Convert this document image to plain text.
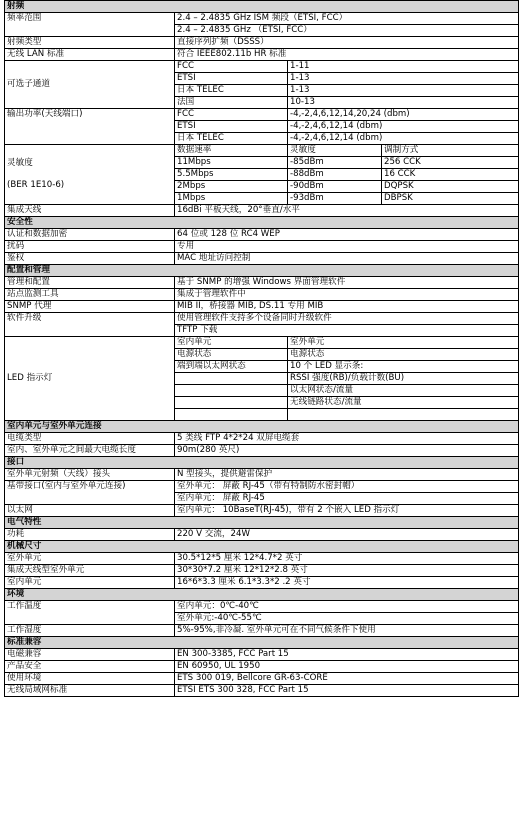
射频			
频率范围	2.4 – 2.4835 GHz ISM 频段（ETSI, FCC）		
	2.4 – 2.4835 GHz （ETSI, FCC）		
射频类型	直接序列扩频（DSSS）		
无线 LAN 标准	符合 IEEE802.11b HR 标准		
可选子通道	FCC	1-11	
	ETSI	1-13	
	日本 TELEC	1-13	
	法国	10-13	
输出功率(天线端口)	FCC	-4,-2,4,6,12,14,20,24 (dbm)	
	ETSI	-4,-2,4,6,12,14 (dbm)	
	日本 TELEC	-4,-2,4,6,12,14 (dbm)	
灵敏度

(BER 1E10-6)	数据速率	灵敏度	调制方式
	11Mbps	-85dBm	256 CCK
	5.5Mbps	-88dBm	16 CCK
	2Mbps	-90dBm	DQPSK
	1Mbps	-93dBm	DBPSK
集成天线	16dBi 平板天线，20°垂直/水平		
安全性			
认证和数据加密	64 位或 128 位 RC4 WEP		
扰码	专用		
鉴权	MAC 地址访问控制		
配置和管理			
管理和配置	基于 SNMP 的增强 Windows 界面管理软件		
站点监测工具	集成于管理软件中		
SNMP 代理	MIB II，桥接器 MIB, DS.11 专用 MIB		
软件升级	使用管理软件支持多个设备同时升级软件		
	TFTP 下载		
LED 指示灯	室内单元	室外单元	
	电源状态	电源状态	
	端到端以太网状态	10 个 LED 显示条:	
		RSSI 强度(RB)/负载计数(BU)	
		以太网状态/流量	
		无线链路状态/流量	

室内单元与室外单元连接			
电缆类型	5 类线 FTP 4*2*24 双屏电缆套		
室内、室外单元之间最大电缆长度	90m(280 英尺)		
接口			
室外单元射频（天线）接头	N 型接头，提供避雷保护		
基带接口(室内与室外单元连接)	室外单元： 屏蔽 RJ-45（带有特制防水密封帽）		
	室内单元： 屏蔽 RJ-45		
以太网	室内单元： 10BaseT(RJ-45)，带有 2 个嵌入 LED 指示灯		
电气特性			
功耗	220 V 交流，24W		
机械尺寸			
室外单元	30.5*12*5 厘米 12*4.7*2 英寸		
集成天线型室外单元	30*30*7.2 厘米 12*12*2.8 英寸		
室内单元	16*6*3.3 厘米 6.1*3.3*2 .2 英寸		
环境			
工作温度	室内单元：0℃-40℃		
	室外单元:-40℃-55℃		
工作湿度	5%-95%,非冷凝. 室外单元可在不同气候条件下使用		
标准兼容			
电磁兼容	EN 300-3385, FCC Part 15		
产品安全	EN 60950, UL 1950		
使用环境	ETS 300 019, Bellcore GR-63-CORE		
无线局域网标准	ETSI ETS 300 328, FCC Part 15		
